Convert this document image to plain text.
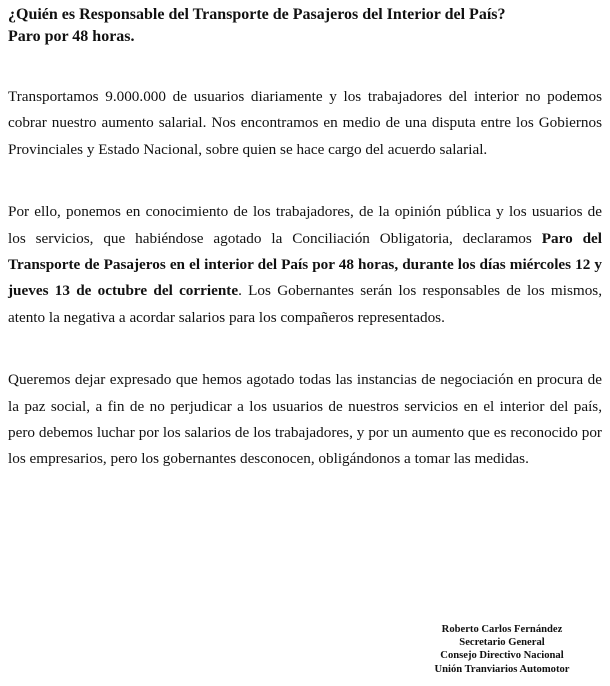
¿Quién es Responsable del Transporte de Pasajeros del Interior del País?
Paro por 48 horas.

Transportamos 9.000.000 de usuarios diariamente y los trabajadores del interior no podemos cobrar nuestro aumento salarial. Nos encontramos en medio de una disputa entre los Gobiernos Provinciales y Estado Nacional, sobre quien se hace cargo del acuerdo salarial.

Por ello, ponemos en conocimiento de los trabajadores, de la opinión pública y los usuarios de los servicios, que habiéndose agotado la Conciliación Obligatoria, declaramos Paro del Transporte de Pasajeros en el interior del País por 48 horas, durante los días miércoles 12 y jueves 13 de octubre del corriente. Los Gobernantes serán los responsables de los mismos, atento la negativa a acordar salarios para los compañeros representados.

Queremos dejar expresado que hemos agotado todas las instancias de negociación en procura de la paz social, a fin de no perjudicar a los usuarios de nuestros servicios en el interior del país, pero debemos luchar por los salarios de los trabajadores, y por un aumento que es reconocido por los empresarios, pero los gobernantes desconocen, obligándonos a tomar las medidas.

Roberto Carlos Fernández
Secretario General
Consejo Directivo Nacional
Unión Tranviarios Automotor
